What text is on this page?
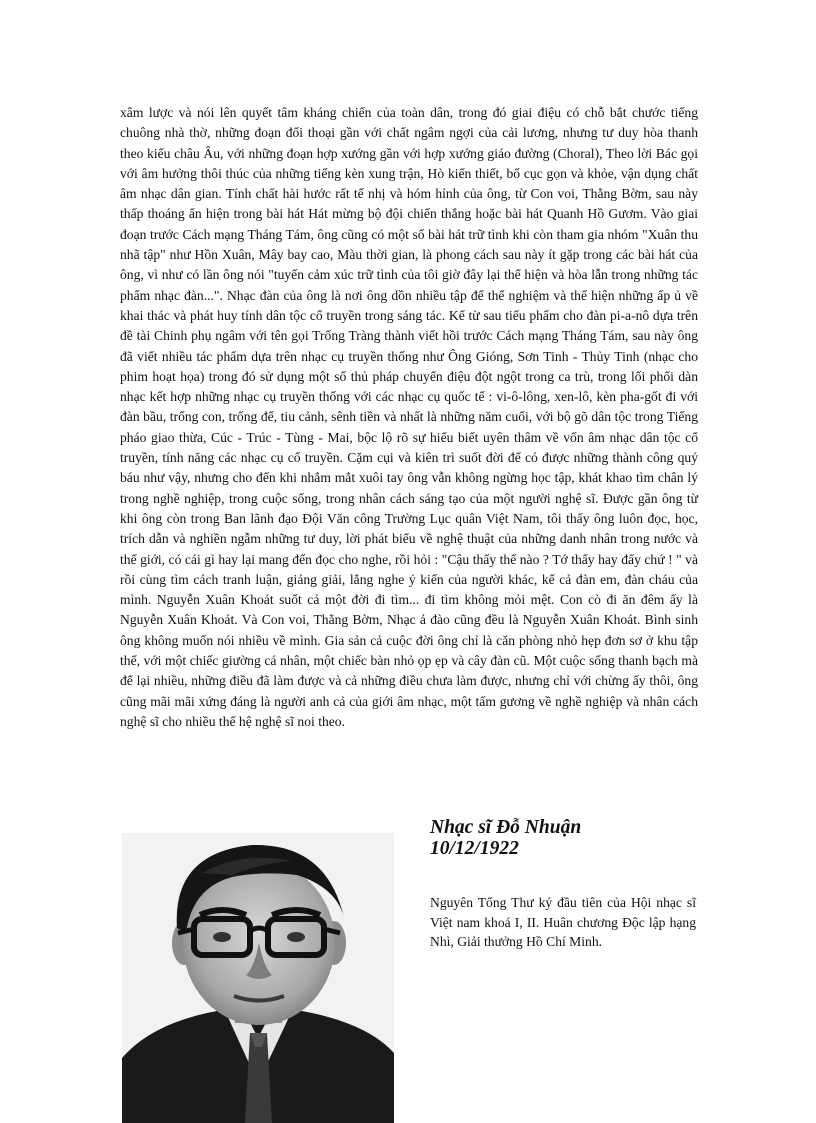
xâm lược và nói lên quyết tâm kháng chiến của toàn dân, trong đó giai điệu có chỗ bắt chước tiếng chuông nhà thờ, những đoạn đối thoại gần với chất ngâm ngợi của cải lương, nhưng tư duy hòa thanh theo kiểu châu Âu, với những đoạn hợp xướng gần với hợp xướng giáo đường (Choral), Theo lời Bác gọi với âm hưởng thôi thúc của những tiếng kèn xung trận, Hò kiến thiết, bố cục gọn và khỏe, vận dụng chất âm nhạc dân gian. Tính chất hài hước rất tế nhị và hóm hỉnh của ông, từ Con voi, Thằng Bờm, sau này thấp thoáng ẩn hiện trong bài hát Hát mừng bộ đội chiến thắng hoặc bài hát Quanh Hồ Gươm. Vào giai đoạn trước Cách mạng Tháng Tám, ông cũng có một số bài hát trữ tình khi còn tham gia nhóm "Xuân thu nhã tập" như Hồn Xuân, Mây bay cao, Màu thời gian, là phong cách sau này ít gặp trong các bài hát của ông, vì như có lần ông nói "tuyến cảm xúc trữ tình của tôi giờ đây lại thể hiện và hòa lẫn trong những tác phẩm nhạc đàn...". Nhạc đàn của ông là nơi ông dồn nhiều tập để thể nghiệm và thể hiện những ấp ủ về khai thác và phát huy tính dân tộc cổ truyền trong sáng tác. Kể từ sau tiểu phẩm cho đàn pi-a-nô dựa trên đề tài Chinh phụ ngâm với tên gọi Trống Tràng thành viết hồi trước Cách mạng Tháng Tám, sau này ông đã viết nhiều tác phẩm dựa trên nhạc cụ truyền thống như Ông Gióng, Sơn Tinh - Thủy Tinh (nhạc cho phim hoạt họa) trong đó sử dụng một số thủ pháp chuyển điệu đột ngột trong ca trù, trong lối phối dàn nhạc kết hợp những nhạc cụ truyền thống với các nhạc cụ quốc tế : vi-ô-lông, xen-lô, kèn pha-gốt đi với đàn bầu, trống con, trống đế, tiu cảnh, sênh tiền và nhất là những năm cuối, với bộ gõ dân tộc trong Tiếng pháo giao thừa, Cúc - Trúc - Tùng - Mai, bộc lộ rõ sự hiểu biết uyên thâm về vốn âm nhạc dân tộc cổ truyền, tính năng các nhạc cụ cổ truyền. Cặm cụi và kiên trì suốt đời để có được những thành công quý báu như vậy, nhưng cho đến khi nhắm mắt xuôi tay ông vẫn không ngừng học tập, khát khao tìm chân lý trong nghề nghiệp, trong cuộc sống, trong nhân cách sáng tạo của một người nghệ sĩ. Được gần ông từ khi ông còn trong Ban lãnh đạo Đội Văn công Trường Lục quân Việt Nam, tôi thấy ông luôn đọc, học, trích dẫn và nghiền ngẫm những tư duy, lời phát biểu về nghệ thuật của những danh nhân trong nước và thế giới, có cái gì hay lại mang đến đọc cho nghe, rồi hỏi : "Cậu thấy thế nào ? Tớ thấy hay đấy chứ ! " và rồi cùng tìm cách tranh luận, giảng giải, lắng nghe ý kiến của người khác, kể cả đàn em, đàn cháu của mình. Nguyễn Xuân Khoát suốt cả một đời đi tìm... đi tìm không mỏi mệt. Con cò đi ăn đêm ấy là Nguyễn Xuân Khoát. Và Con voi, Thằng Bờm, Nhạc ả đào cũng đều là Nguyễn Xuân Khoát. Bình sinh ông không muốn nói nhiều về mình. Gia sản cả cuộc đời ông chỉ là căn phòng nhỏ hẹp đơn sơ ở khu tập thể, với một chiếc giường cá nhân, một chiếc bàn nhỏ ọp ẹp và cây đàn cũ. Một cuộc sống thanh bạch mà để lại nhiều, những điều đã làm được và cả những điều chưa làm được, nhưng chỉ với chừng ấy thôi, ông cũng mãi mãi xứng đáng là người anh cả của giới âm nhạc, một tấm gương về nghề nghiệp và nhân cách nghệ sĩ cho nhiều thế hệ nghệ sĩ noi theo.

Nhạc sĩ Đỗ Nhuận
10/12/1922

Nguyên Tổng Thư ký đầu tiên của Hội nhạc sĩ Việt nam khoá I, II. Huân chương Độc lập hạng Nhì, Giải thưởng Hồ Chí Minh.
